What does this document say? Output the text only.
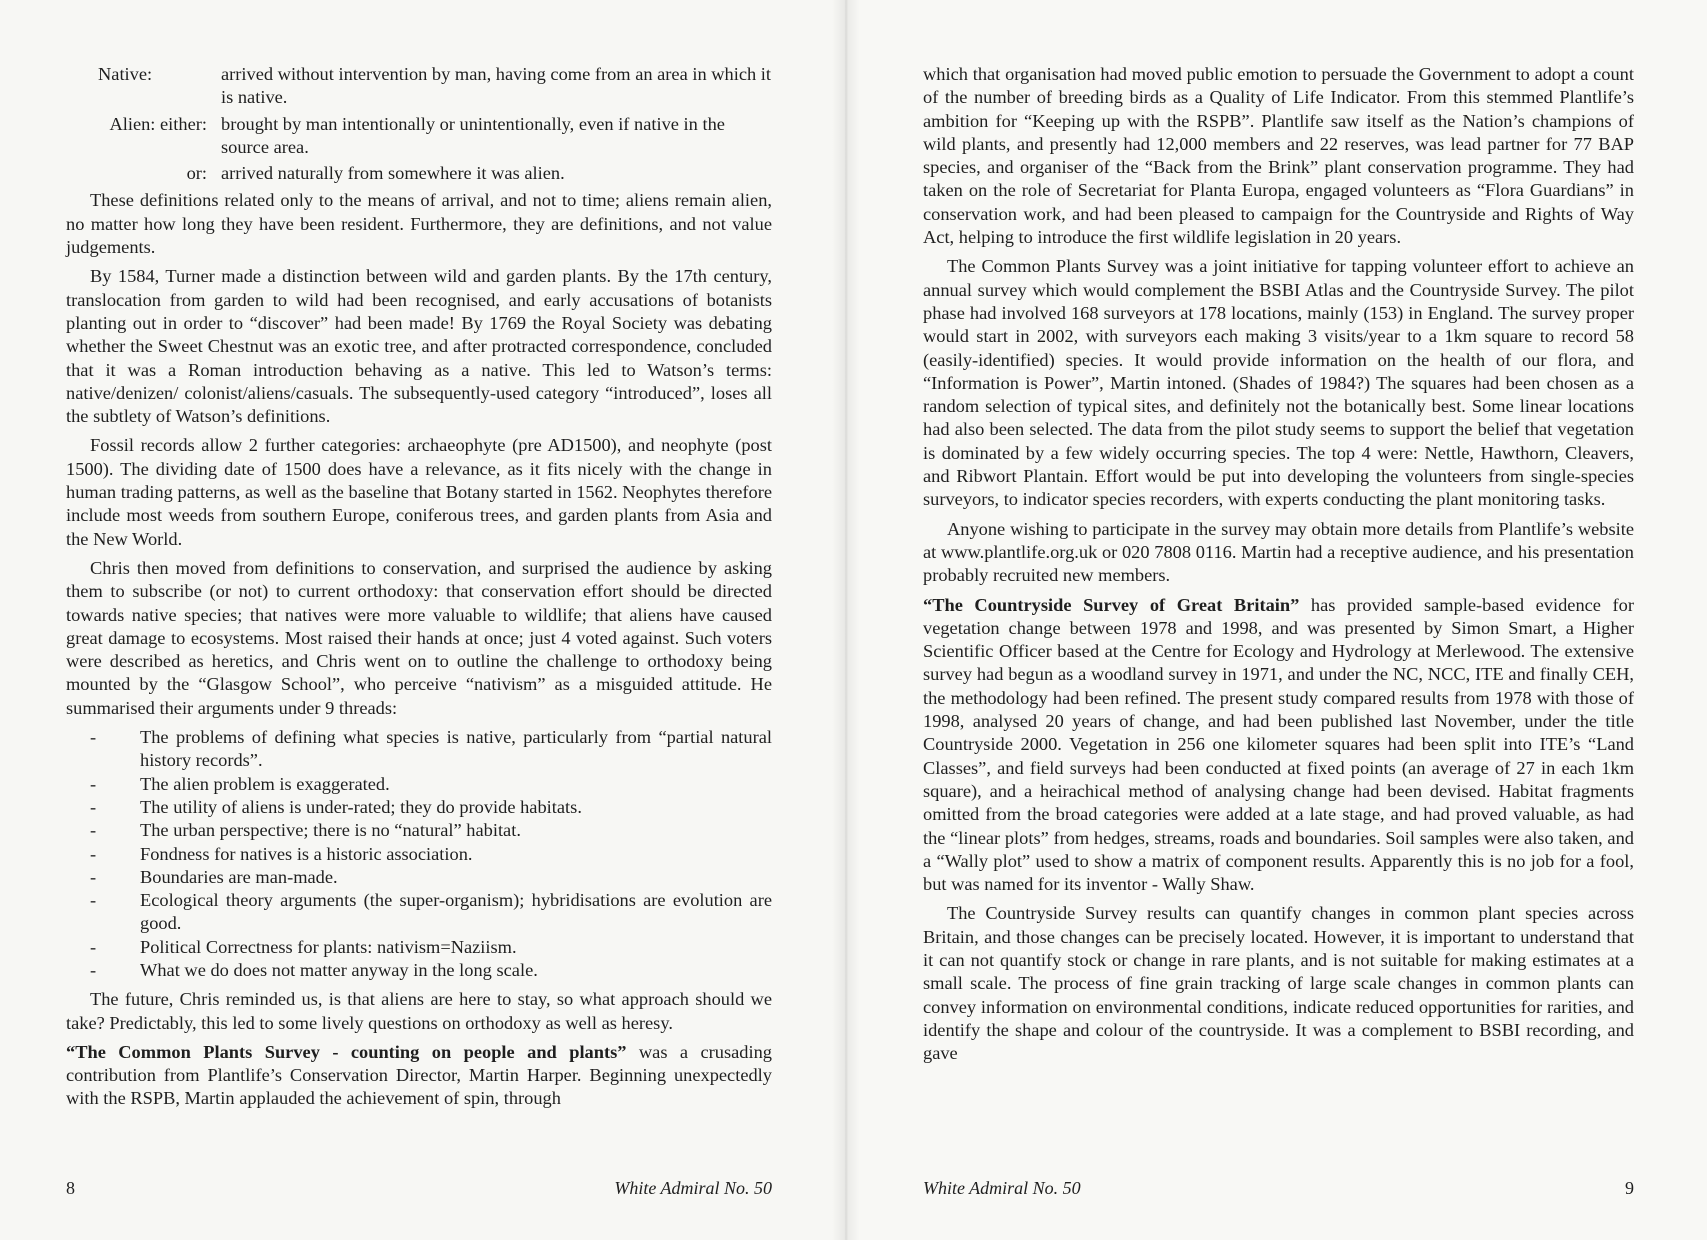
Native:	arrived without intervention by man, having come from an area in which it is native.
Alien: either: brought by man intentionally or unintentionally, even if native in the source area.
or: arrived naturally from somewhere it was alien.

These definitions related only to the means of arrival, and not to time; aliens remain alien, no matter how long they have been resident. Furthermore, they are definitions, and not value judgements.

By 1584, Turner made a distinction between wild and garden plants. By the 17th century, translocation from garden to wild had been recognised, and early accusations of botanists planting out in order to “discover” had been made! By 1769 the Royal Society was debating whether the Sweet Chestnut was an exotic tree, and after protracted correspondence, concluded that it was a Roman introduction behaving as a native. This led to Watson’s terms: native/denizen/ colonist/aliens/casuals. The subsequently-used category “introduced”, loses all the subtlety of Watson’s definitions.

Fossil records allow 2 further categories: archaeophyte (pre AD1500), and neophyte (post 1500). The dividing date of 1500 does have a relevance, as it fits nicely with the change in human trading patterns, as well as the baseline that Botany started in 1562. Neophytes therefore include most weeds from southern Europe, coniferous trees, and garden plants from Asia and the New World.

Chris then moved from definitions to conservation, and surprised the audience by asking them to subscribe (or not) to current orthodoxy: that conservation effort should be directed towards native species; that natives were more valuable to wildlife; that aliens have caused great damage to ecosystems. Most raised their hands at once; just 4 voted against. Such voters were described as heretics, and Chris went on to outline the challenge to orthodoxy being mounted by the “Glasgow School”, who perceive “nativism” as a misguided attitude. He summarised their arguments under 9 threads:

-	The problems of defining what species is native, particularly from “partial natural history records”.
-	The alien problem is exaggerated.
-	The utility of aliens is under-rated; they do provide habitats.
-	The urban perspective; there is no “natural” habitat.
-	Fondness for natives is a historic association.
-	Boundaries are man-made.
-	Ecological theory arguments (the super-organism); hybridisations are evolution are good.
-	Political Correctness for plants: nativism=Naziism.
-	What we do does not matter anyway in the long scale.

The future, Chris reminded us, is that aliens are here to stay, so what approach should we take? Predictably, this led to some lively questions on orthodoxy as well as heresy.

“The Common Plants Survey - counting on people and plants” was a crusading contribution from Plantlife’s Conservation Director, Martin Harper. Beginning unexpectedly with the RSPB, Martin applauded the achievement of spin, through

8	White Admiral No. 50

which that organisation had moved public emotion to persuade the Government to adopt a count of the number of breeding birds as a Quality of Life Indicator. From this stemmed Plantlife’s ambition for “Keeping up with the RSPB”. Plantlife saw itself as the Nation’s champions of wild plants, and presently had 12,000 members and 22 reserves, was lead partner for 77 BAP species, and organiser of the “Back from the Brink” plant conservation programme. They had taken on the role of Secretariat for Planta Europa, engaged volunteers as “Flora Guardians” in conservation work, and had been pleased to campaign for the Countryside and Rights of Way Act, helping to introduce the first wildlife legislation in 20 years.

The Common Plants Survey was a joint initiative for tapping volunteer effort to achieve an annual survey which would complement the BSBI Atlas and the Countryside Survey. The pilot phase had involved 168 surveyors at 178 locations, mainly (153) in England. The survey proper would start in 2002, with surveyors each making 3 visits/year to a 1km square to record 58 (easily-identified) species. It would provide information on the health of our flora, and “Information is Power”, Martin intoned. (Shades of 1984?) The squares had been chosen as a random selection of typical sites, and definitely not the botanically best. Some linear locations had also been selected. The data from the pilot study seems to support the belief that vegetation is dominated by a few widely occurring species. The top 4 were: Nettle, Hawthorn, Cleavers, and Ribwort Plantain. Effort would be put into developing the volunteers from single-species surveyors, to indicator species recorders, with experts conducting the plant monitoring tasks.

Anyone wishing to participate in the survey may obtain more details from Plantlife’s website at www.plantlife.org.uk or 020 7808 0116. Martin had a receptive audience, and his presentation probably recruited new members.

“The Countryside Survey of Great Britain” has provided sample-based evidence for vegetation change between 1978 and 1998, and was presented by Simon Smart, a Higher Scientific Officer based at the Centre for Ecology and Hydrology at Merlewood. The extensive survey had begun as a woodland survey in 1971, and under the NC, NCC, ITE and finally CEH, the methodology had been refined. The present study compared results from 1978 with those of 1998, analysed 20 years of change, and had been published last November, under the title Countryside 2000. Vegetation in 256 one kilometer squares had been split into ITE’s “Land Classes”, and field surveys had been conducted at fixed points (an average of 27 in each 1km square), and a heirachical method of analysing change had been devised. Habitat fragments omitted from the broad categories were added at a late stage, and had proved valuable, as had the “linear plots” from hedges, streams, roads and boundaries. Soil samples were also taken, and a “Wally plot” used to show a matrix of component results. Apparently this is no job for a fool, but was named for its inventor - Wally Shaw.

The Countryside Survey results can quantify changes in common plant species across Britain, and those changes can be precisely located. However, it is important to understand that it can not quantify stock or change in rare plants, and is not suitable for making estimates at a small scale. The process of fine grain tracking of large scale changes in common plants can convey information on environmental conditions, indicate reduced opportunities for rarities, and identify the shape and colour of the countryside. It was a complement to BSBI recording, and gave

White Admiral No. 50	9
